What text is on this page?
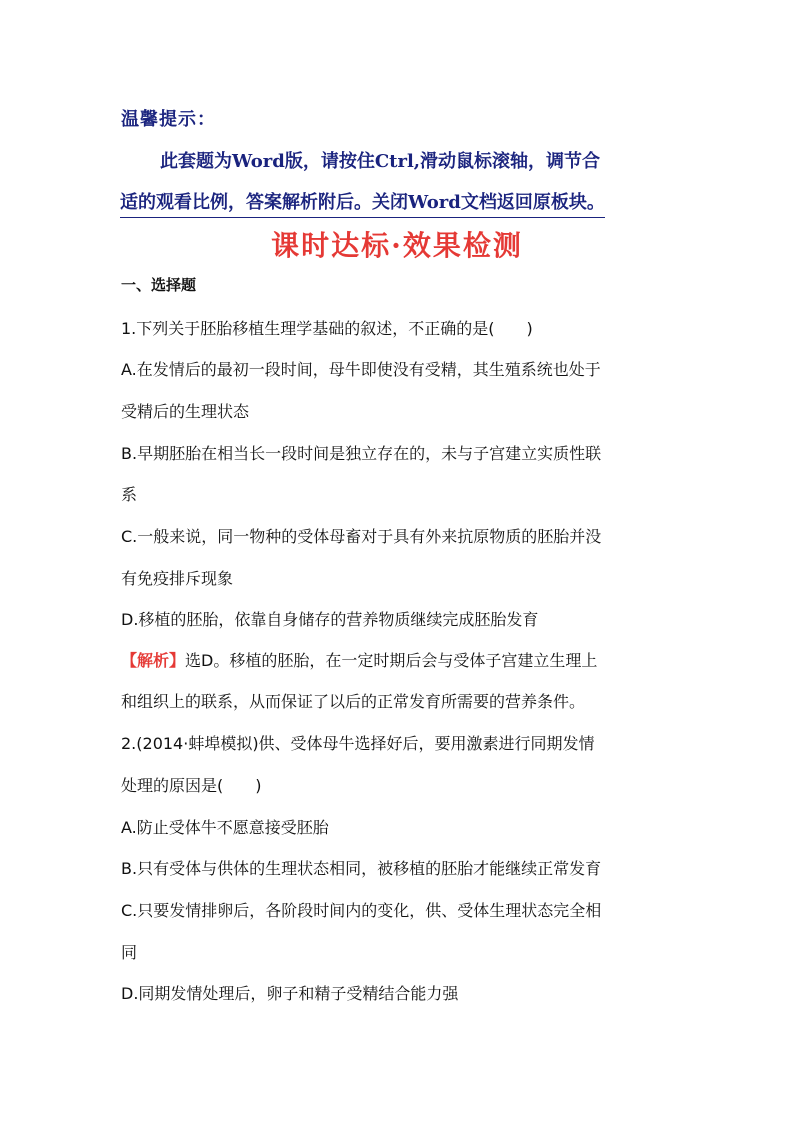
温馨提示：
此套题为Word版，请按住Ctrl,滑动鼠标滚轴，调节合
适的观看比例，答案解析附后。关闭Word文档返回原板块。
课时达标·效果检测
一、选择题
1.下列关于胚胎移植生理学基础的叙述，不正确的是(　　)
A.在发情后的最初一段时间，母牛即使没有受精，其生殖系统也处于
受精后的生理状态
B.早期胚胎在相当长一段时间是独立存在的，未与子宫建立实质性联
系
C.一般来说，同一物种的受体母畜对于具有外来抗原物质的胚胎并没
有免疫排斥现象
D.移植的胚胎，依靠自身储存的营养物质继续完成胚胎发育
【解析】选D。移植的胚胎，在一定时期后会与受体子宫建立生理上
和组织上的联系，从而保证了以后的正常发育所需要的营养条件。
2.(2014·蚌埠模拟)供、受体母牛选择好后，要用激素进行同期发情
处理的原因是(　　)
A.防止受体牛不愿意接受胚胎
B.只有受体与供体的生理状态相同，被移植的胚胎才能继续正常发育
C.只要发情排卵后，各阶段时间内的变化，供、受体生理状态完全相
同
D.同期发情处理后，卵子和精子受精结合能力强
